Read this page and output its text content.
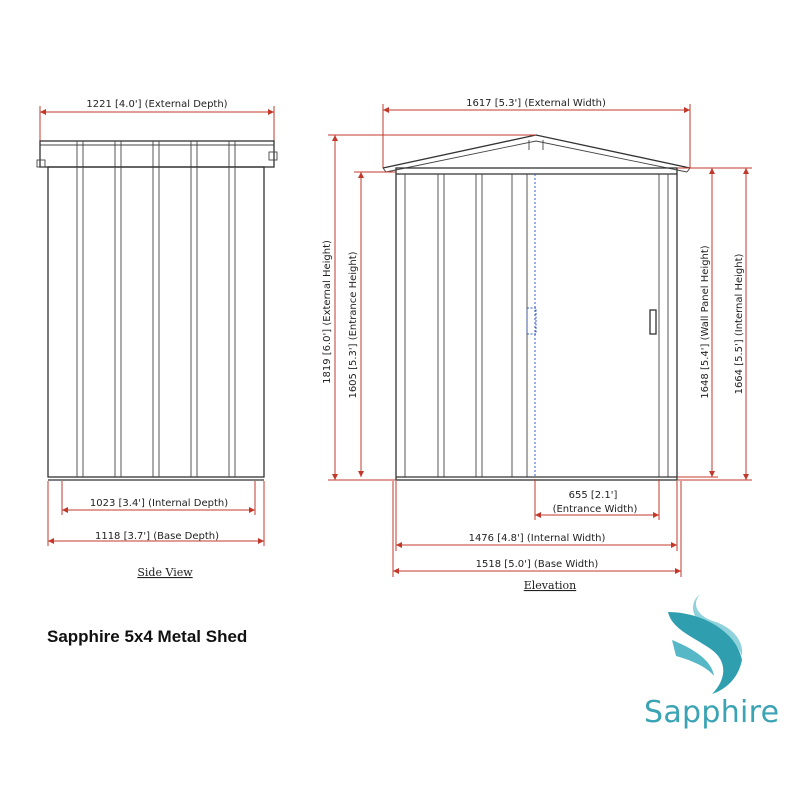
1221 [4.0'] (External Depth)
1023 [3.4'] (Internal Depth)
1118 [3.7'] (Base Depth)
Side View
1617 [5.3'] (External Width)
1819 [6.0'] (External Height) 1605 [5.3'] (Entrance Height)	1648 [5.4'] (Wall Panel Height) 1664 [5.5'] (Internal Height)
655 [2.1']
(Entrance Width)
1476 [4.8'] (Internal Width)
1518 [5.0'] (Base Width)
Elevation
Sapphire 5x4 Metal Shed
Sapphire
